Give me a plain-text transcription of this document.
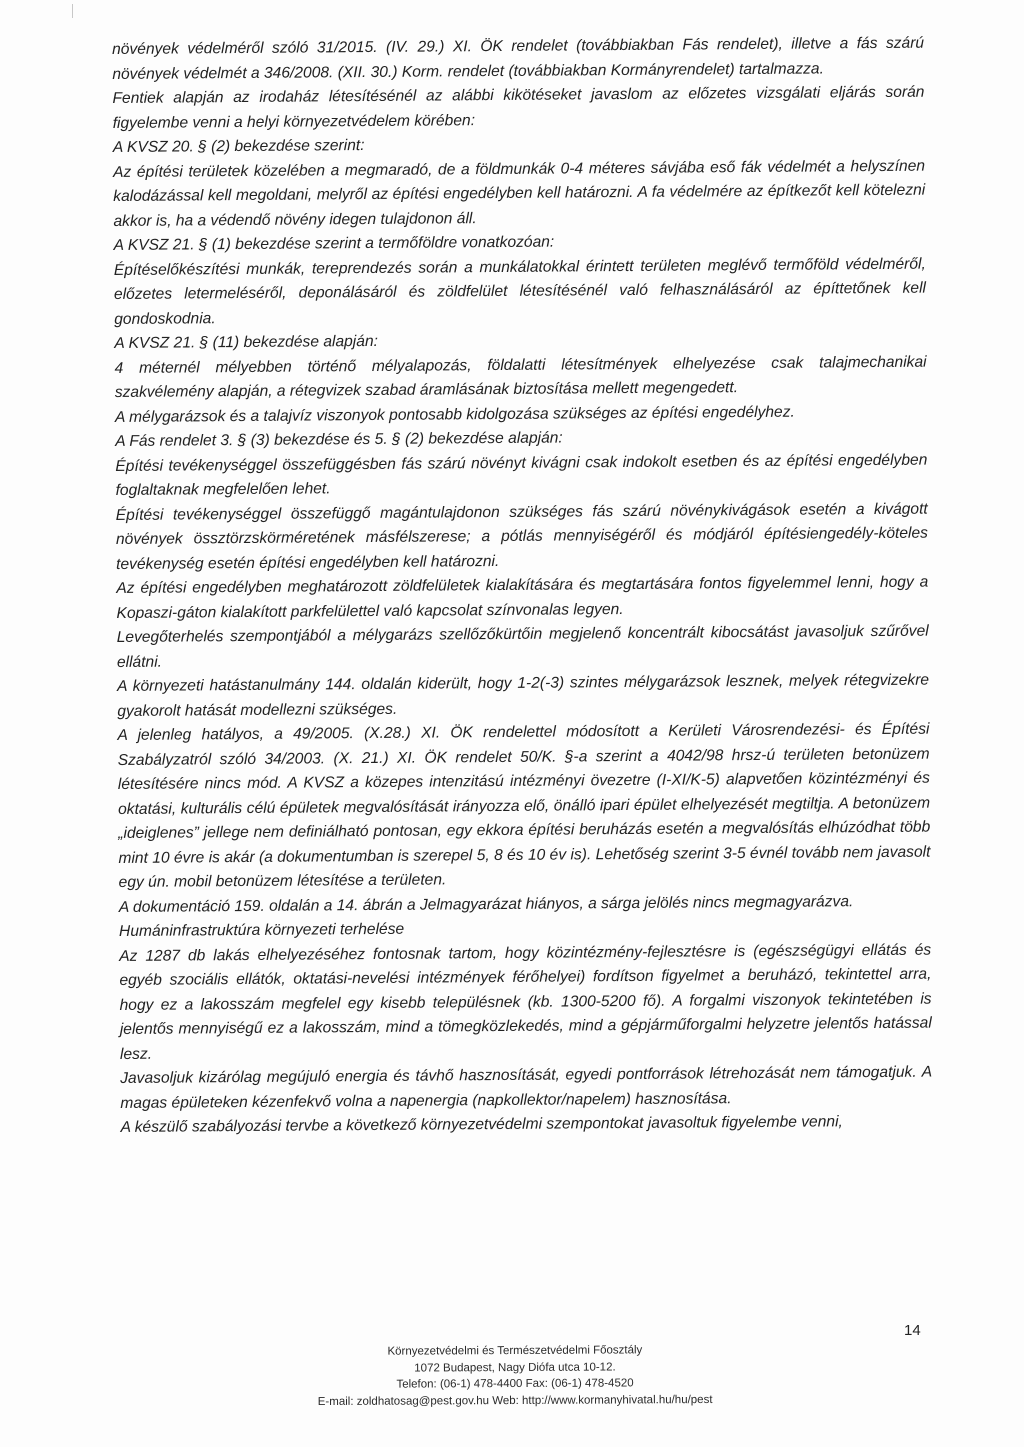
növények védelméről szóló 31/2015. (IV. 29.) XI. ÖK rendelet (továbbiakban Fás rendelet), illetve a fás szárú növények védelmét a 346/2008. (XII. 30.) Korm. rendelet (továbbiakban Kormányrendelet) tartalmazza.

Fentiek alapján az irodaház létesítésénél az alábbi kikötéseket javaslom az előzetes vizsgálati eljárás során figyelembe venni a helyi környezetvédelem körében:

A KVSZ 20. § (2) bekezdése szerint:

Az építési területek közelében a megmaradó, de a földmunkák 0-4 méteres sávjába eső fák védelmét a helyszínen kalodázással kell megoldani, melyről az építési engedélyben kell határozni. A fa védelmére az építkezőt kell kötelezni akkor is, ha a védendő növény idegen tulajdonon áll.

A KVSZ 21. § (1) bekezdése szerint a termőföldre vonatkozóan:

Építéselőkészítési munkák, tereprendezés során a munkálatokkal érintett területen meglévő termőföld védelméről, előzetes letermeléséről, deponálásáról és zöldfelület létesítésénél való felhasználásáról az építtetőnek kell gondoskodnia.

A KVSZ 21. § (11) bekezdése alapján:

4 méternél mélyebben történő mélyalapozás, földalatti létesítmények elhelyezése csak talajmechanikai szakvélemény alapján, a rétegvizek szabad áramlásának biztosítása mellett megengedett.

A mélygarázsok és a talajvíz viszonyok pontosabb kidolgozása szükséges az építési engedélyhez.

A Fás rendelet 3. § (3) bekezdése és 5. § (2) bekezdése alapján:

Építési tevékenységgel összefüggésben fás szárú növényt kivágni csak indokolt esetben és az építési engedélyben foglaltaknak megfelelően lehet.

Építési tevékenységgel összefüggő magántulajdonon szükséges fás szárú növénykivágások esetén a kivágott növények össztörzskörméretének másfélszerese; a pótlás mennyiségéről és módjáról építésiengedély-köteles tevékenység esetén építési engedélyben kell határozni.

Az építési engedélyben meghatározott zöldfelületek kialakítására és megtartására fontos figyelemmel lenni, hogy a Kopaszi-gáton kialakított parkfelülettel való kapcsolat színvonalas legyen.

Levegőterhelés szempontjából a mélygarázs szellőzőkürtőin megjelenő koncentrált kibocsátást javasoljuk szűrővel ellátni.

A környezeti hatástanulmány 144. oldalán kiderült, hogy 1-2(-3) szintes mélygarázsok lesznek, melyek rétegvizekre gyakorolt hatását modellezni szükséges.

A jelenleg hatályos, a 49/2005. (X.28.) XI. ÖK rendelettel módosított a Kerületi Városrendezési- és Építési Szabályzatról szóló 34/2003. (X. 21.) XI. ÖK rendelet 50/K. §-a szerint a 4042/98 hrsz-ú területen betonüzem létesítésére nincs mód. A KVSZ a közepes intenzitású intézményi övezetre (I-XI/K-5) alapvetően közintézményi és oktatási, kulturális célú épületek megvalósítását irányozza elő, önálló ipari épület elhelyezését megtiltja. A betonüzem „ideiglenes” jellege nem definiálható pontosan, egy ekkora építési beruházás esetén a megvalósítás elhúzódhat több mint 10 évre is akár (a dokumentumban is szerepel 5, 8 és 10 év is). Lehetőség szerint 3-5 évnél tovább nem javasolt egy ún. mobil betonüzem létesítése a területen.

A dokumentáció 159. oldalán a 14. ábrán a Jelmagyarázat hiányos, a sárga jelölés nincs megmagyarázva.

Humáninfrastruktúra környezeti terhelése

Az 1287 db lakás elhelyezéséhez fontosnak tartom, hogy közintézmény-fejlesztésre is (egészségügyi ellátás és egyéb szociális ellátók, oktatási-nevelési intézmények férőhelyei) fordítson figyelmet a beruházó, tekintettel arra, hogy ez a lakosszám megfelel egy kisebb településnek (kb. 1300-5200 fő). A forgalmi viszonyok tekintetében is jelentős mennyiségű ez a lakosszám, mind a tömegközlekedés, mind a gépjárműforgalmi helyzetre jelentős hatással lesz.

Javasoljuk kizárólag megújuló energia és távhő hasznosítását, egyedi pontforrások létrehozását nem támogatjuk. A magas épületeken kézenfekvő volna a napenergia (napkollektor/napelem) hasznosítása.

A készülő szabályozási tervbe a következő környezetvédelmi szempontokat javasoltuk figyelembe venni,

14
Környezetvédelmi és Természetvédelmi Főosztály
1072 Budapest, Nagy Diófa utca 10-12.
Telefon: (06-1) 478-4400 Fax: (06-1) 478-4520
E-mail: zoldhatosag@pest.gov.hu Web: http://www.kormanyhivatal.hu/hu/pest
